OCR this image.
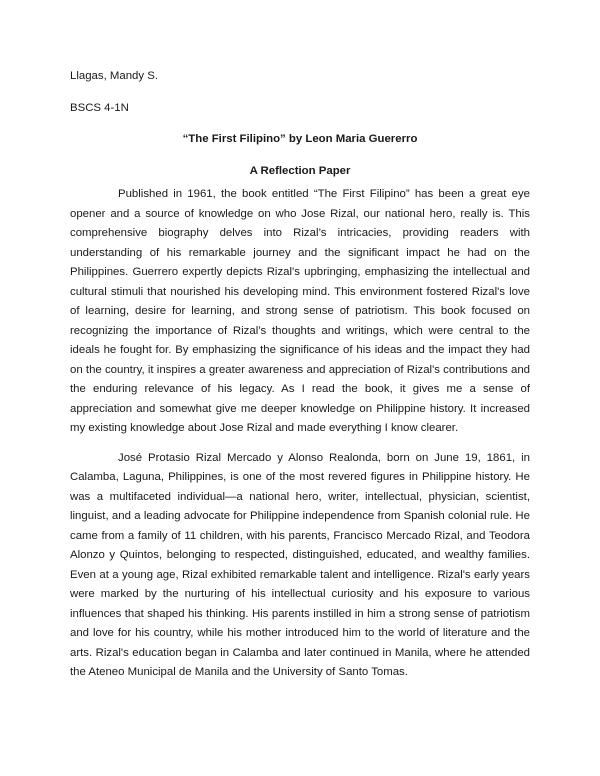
Llagas, Mandy S.

BSCS 4-1N

“The First Filipino” by Leon Maria Guererro

A Reflection Paper

Published in 1961, the book entitled “The First Filipino” has been a great eye opener and a source of knowledge on who Jose Rizal, our national hero, really is. This comprehensive biography delves into Rizal’s intricacies, providing readers with understanding of his remarkable journey and the significant impact he had on the Philippines. Guerrero expertly depicts Rizal's upbringing, emphasizing the intellectual and cultural stimuli that nourished his developing mind. This environment fostered Rizal's love of learning, desire for learning, and strong sense of patriotism. This book focused on recognizing the importance of Rizal’s thoughts and writings, which were central to the ideals he fought for. By emphasizing the significance of his ideas and the impact they had on the country, it inspires a greater awareness and appreciation of Rizal's contributions and the enduring relevance of his legacy. As I read the book, it gives me a sense of appreciation and somewhat give me deeper knowledge on Philippine history. It increased my existing knowledge about Jose Rizal and made everything I know clearer.

José Protasio Rizal Mercado y Alonso Realonda, born on June 19, 1861, in Calamba, Laguna, Philippines, is one of the most revered figures in Philippine history. He was a multifaceted individual—a national hero, writer, intellectual, physician, scientist, linguist, and a leading advocate for Philippine independence from Spanish colonial rule. He came from a family of 11 children, with his parents, Francisco Mercado Rizal, and Teodora Alonzo y Quintos, belonging to respected, distinguished, educated, and wealthy families. Even at a young age, Rizal exhibited remarkable talent and intelligence. Rizal's early years were marked by the nurturing of his intellectual curiosity and his exposure to various influences that shaped his thinking. His parents instilled in him a strong sense of patriotism and love for his country, while his mother introduced him to the world of literature and the arts. Rizal's education began in Calamba and later continued in Manila, where he attended the Ateneo Municipal de Manila and the University of Santo Tomas.
